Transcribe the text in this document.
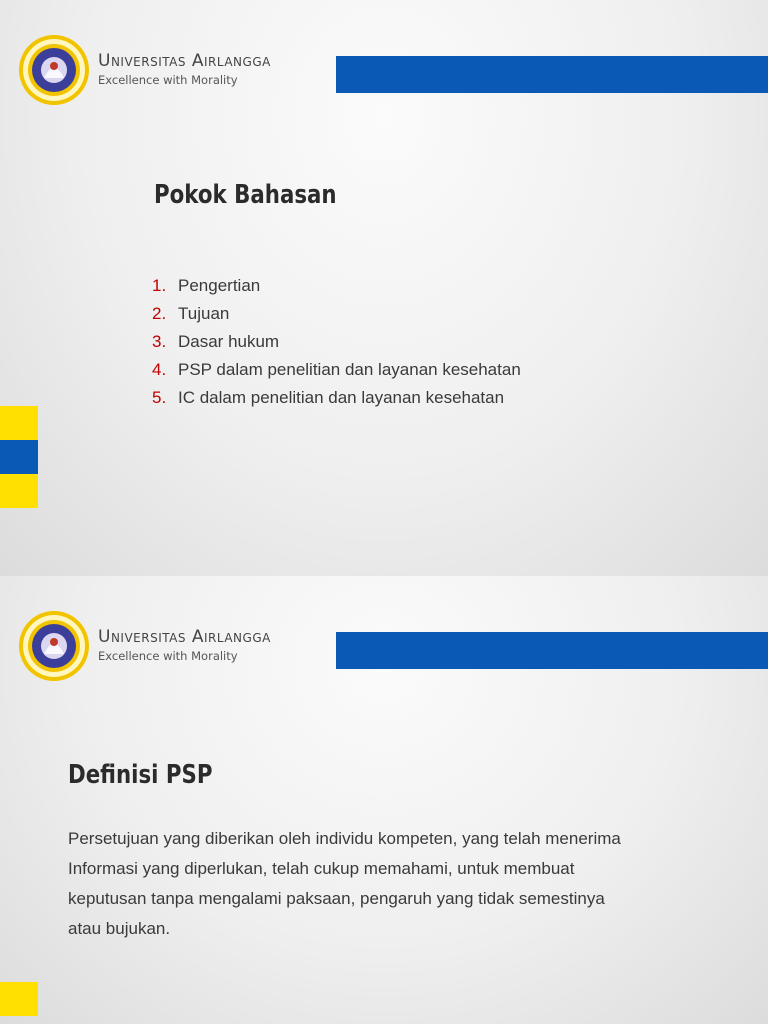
Universitas Airlangga
Excellence with Morality
Pokok Bahasan
1. Pengertian
2. Tujuan
3. Dasar hukum
4. PSP dalam penelitian dan layanan kesehatan
5. IC dalam penelitian dan layanan kesehatan
Universitas Airlangga
Excellence with Morality
Definisi PSP
Persetujuan yang diberikan oleh individu kompeten, yang telah menerima
Informasi yang diperlukan, telah cukup memahami, untuk membuat
keputusan tanpa mengalami paksaan, pengaruh yang tidak semestinya
atau bujukan.
